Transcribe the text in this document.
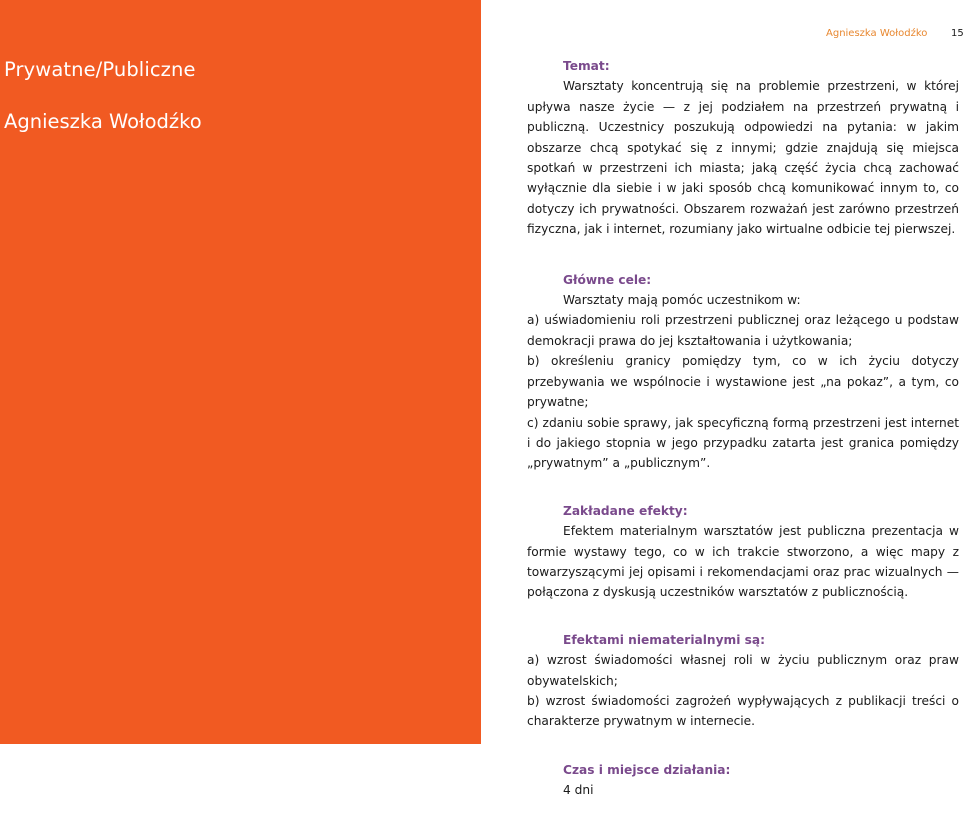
Prywatne/Publiczne
Agnieszka Wołodźko
Agnieszka Wołodźko 15
Temat:

Warsztaty koncentrują się na problemie przestrzeni, w której upływa nasze życie — z jej podziałem na przestrzeń prywatną i publiczną. Uczestnicy poszukują odpowiedzi na pytania: w jakim obszarze chcą spotykać się z innymi; gdzie znajdują się miejsca spotkań w przestrzeni ich miasta; jaką część życia chcą zachować wyłącznie dla siebie i w jaki sposób chcą komunikować innym to, co dotyczy ich prywatności. Obszarem rozważań jest zarówno przestrzeń fizyczna, jak i internet, rozumiany jako wirtualne odbicie tej pierwszej.

Główne cele:
Warsztaty mają pomóc uczestnikom w:

a) uświadomieniu roli przestrzeni publicznej oraz leżącego u podstaw demokracji prawa do jej kształtowania i użytkowania;

b) określeniu granicy pomiędzy tym, co w ich życiu dotyczy przebywania we wspólnocie i wystawione jest „na pokaz”, a tym, co prywatne;

c) zdaniu sobie sprawy, jak specyficzną formą przestrzeni jest internet i do jakiego stopnia w jego przypadku zatarta jest granica pomiędzy „prywatnym” a „publicznym”.

Zakładane efekty:

Efektem materialnym warsztatów jest publiczna prezentacja w formie wystawy tego, co w ich trakcie stworzono, a więc mapy z towarzyszącymi jej opisami i rekomendacjami oraz prac wizualnych — połączona z dyskusją uczestników warsztatów z publicznością.

Efektami niematerialnymi są:

a) wzrost świadomości własnej roli w życiu publicznym oraz praw obywatelskich;

b) wzrost świadomości zagrożeń wypływających z publikacji treści o charakterze prywatnym w internecie.

Czas i miejsce działania:
4 dni
